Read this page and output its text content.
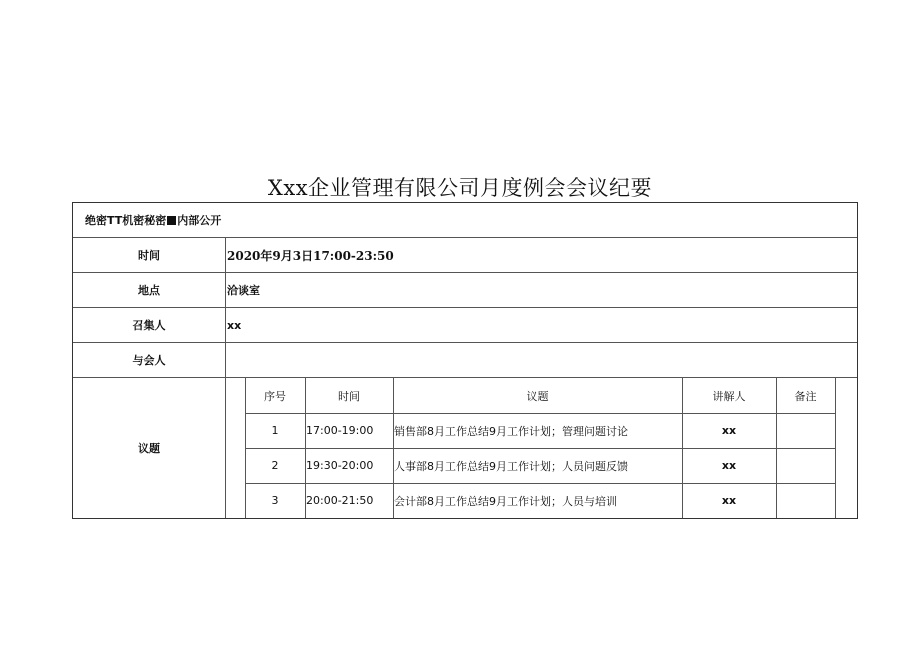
Xxx企业管理有限公司月度例会会议纪要
绝密TT机密秘密 内部公开
时间	2020年9月3日17:00-23:50
地点	洽谈室
召集人	xx
与会人
议题
序号	时间	议题	讲解人	备注
1	17:00-19:00	销售部8月工作总结9月工作计划；管理问题讨论	xx
2	19:30-20:00	人事部8月工作总结9月工作计划；人员问题反馈	xx
3	20:00-21:50	会计部8月工作总结9月工作计划；人员与培训	xx
